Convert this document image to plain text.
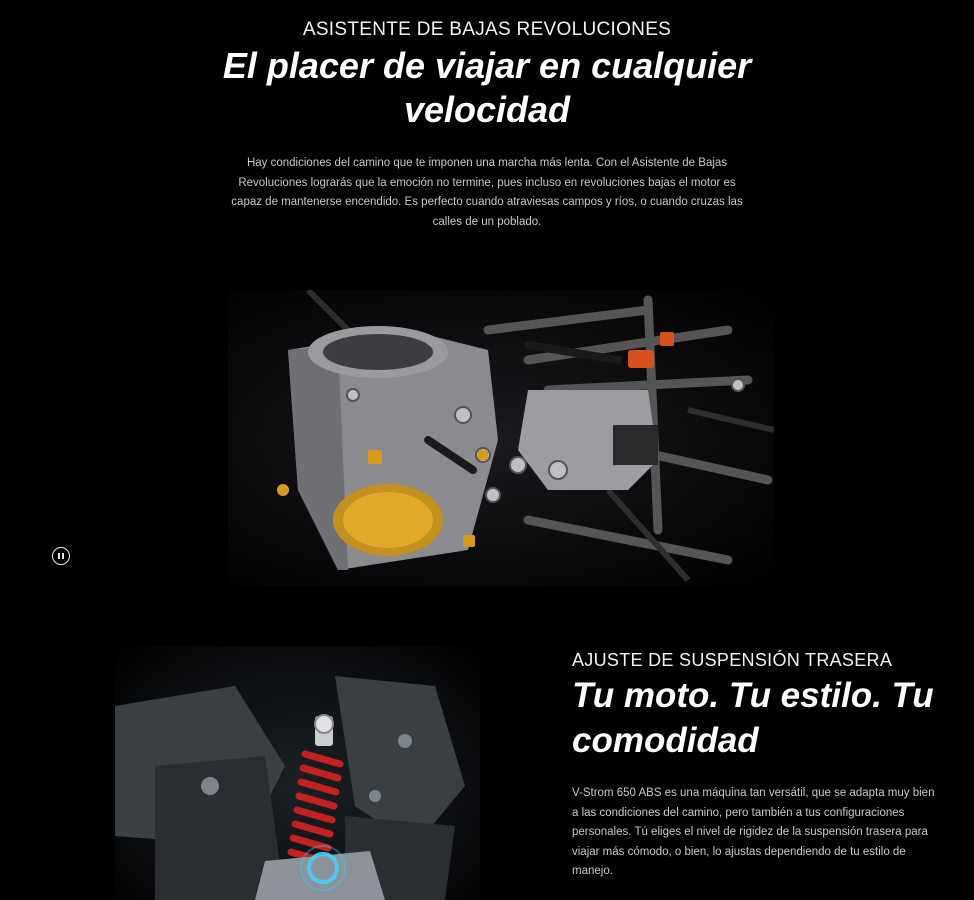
ASISTENTE DE BAJAS REVOLUCIONES
El placer de viajar en cualquier velocidad

Hay condiciones del camino que te imponen una marcha más lenta. Con el Asistente de Bajas Revoluciones lograrás que la emoción no termine, pues incluso en revoluciones bajas el motor es capaz de mantenerse encendido. Es perfecto cuando atraviesas campos y ríos, o cuando cruzas las calles de un poblado.

AJUSTE DE SUSPENSIÓN TRASERA
Tu moto. Tu estilo. Tu comodidad

V-Strom 650 ABS es una máquina tan versátil, que se adapta muy bien a las condiciones del camino, pero también a tus configuraciones personales. Tú eliges el nivel de rigidez de la suspensión trasera para viajar más cómodo, o bien, lo ajustas dependiendo de tu estilo de manejo.
